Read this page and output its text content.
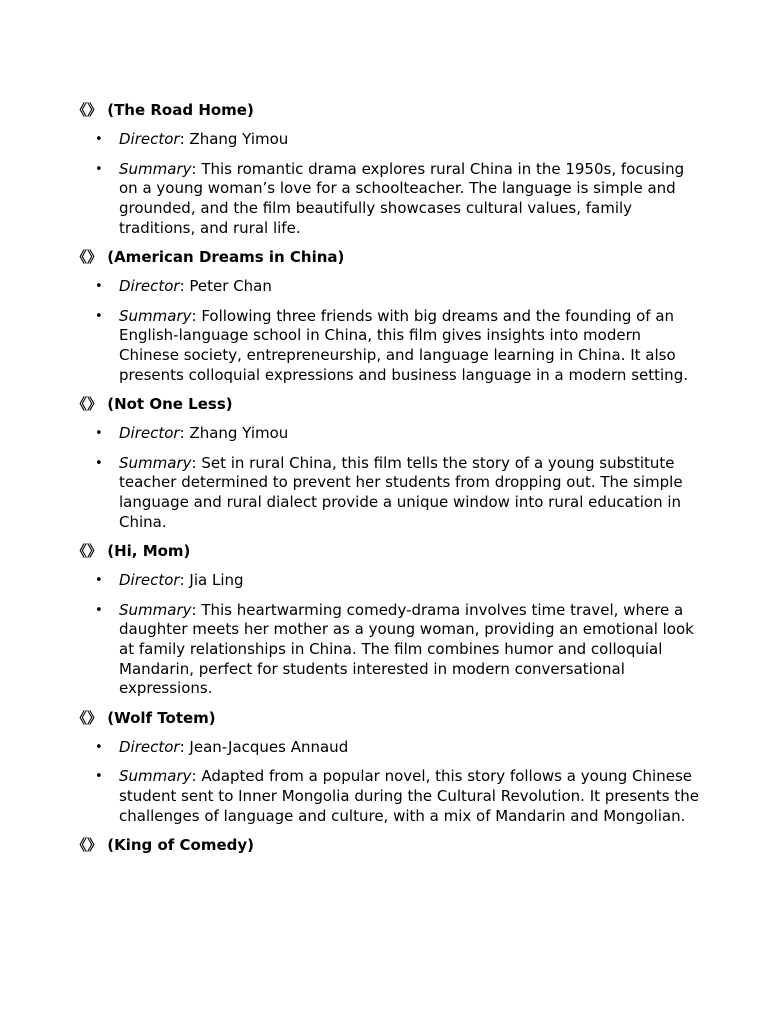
《》 (The Road Home)

• Director: Zhang Yimou
• Summary: This romantic drama explores rural China in the 1950s, focusing on a young woman’s love for a schoolteacher. The language is simple and grounded, and the film beautifully showcases cultural values, family traditions, and rural life.

《》 (American Dreams in China)

• Director: Peter Chan
• Summary: Following three friends with big dreams and the founding of an English-language school in China, this film gives insights into modern Chinese society, entrepreneurship, and language learning in China. It also presents colloquial expressions and business language in a modern setting.

《》 (Not One Less)

• Director: Zhang Yimou
• Summary: Set in rural China, this film tells the story of a young substitute teacher determined to prevent her students from dropping out. The simple language and rural dialect provide a unique window into rural education in China.

《》 (Hi, Mom)

• Director: Jia Ling
• Summary: This heartwarming comedy-drama involves time travel, where a daughter meets her mother as a young woman, providing an emotional look at family relationships in China. The film combines humor and colloquial Mandarin, perfect for students interested in modern conversational expressions.

《》 (Wolf Totem)

• Director: Jean-Jacques Annaud
• Summary: Adapted from a popular novel, this story follows a young Chinese student sent to Inner Mongolia during the Cultural Revolution. It presents the challenges of language and culture, with a mix of Mandarin and Mongolian.

《》 (King of Comedy)
